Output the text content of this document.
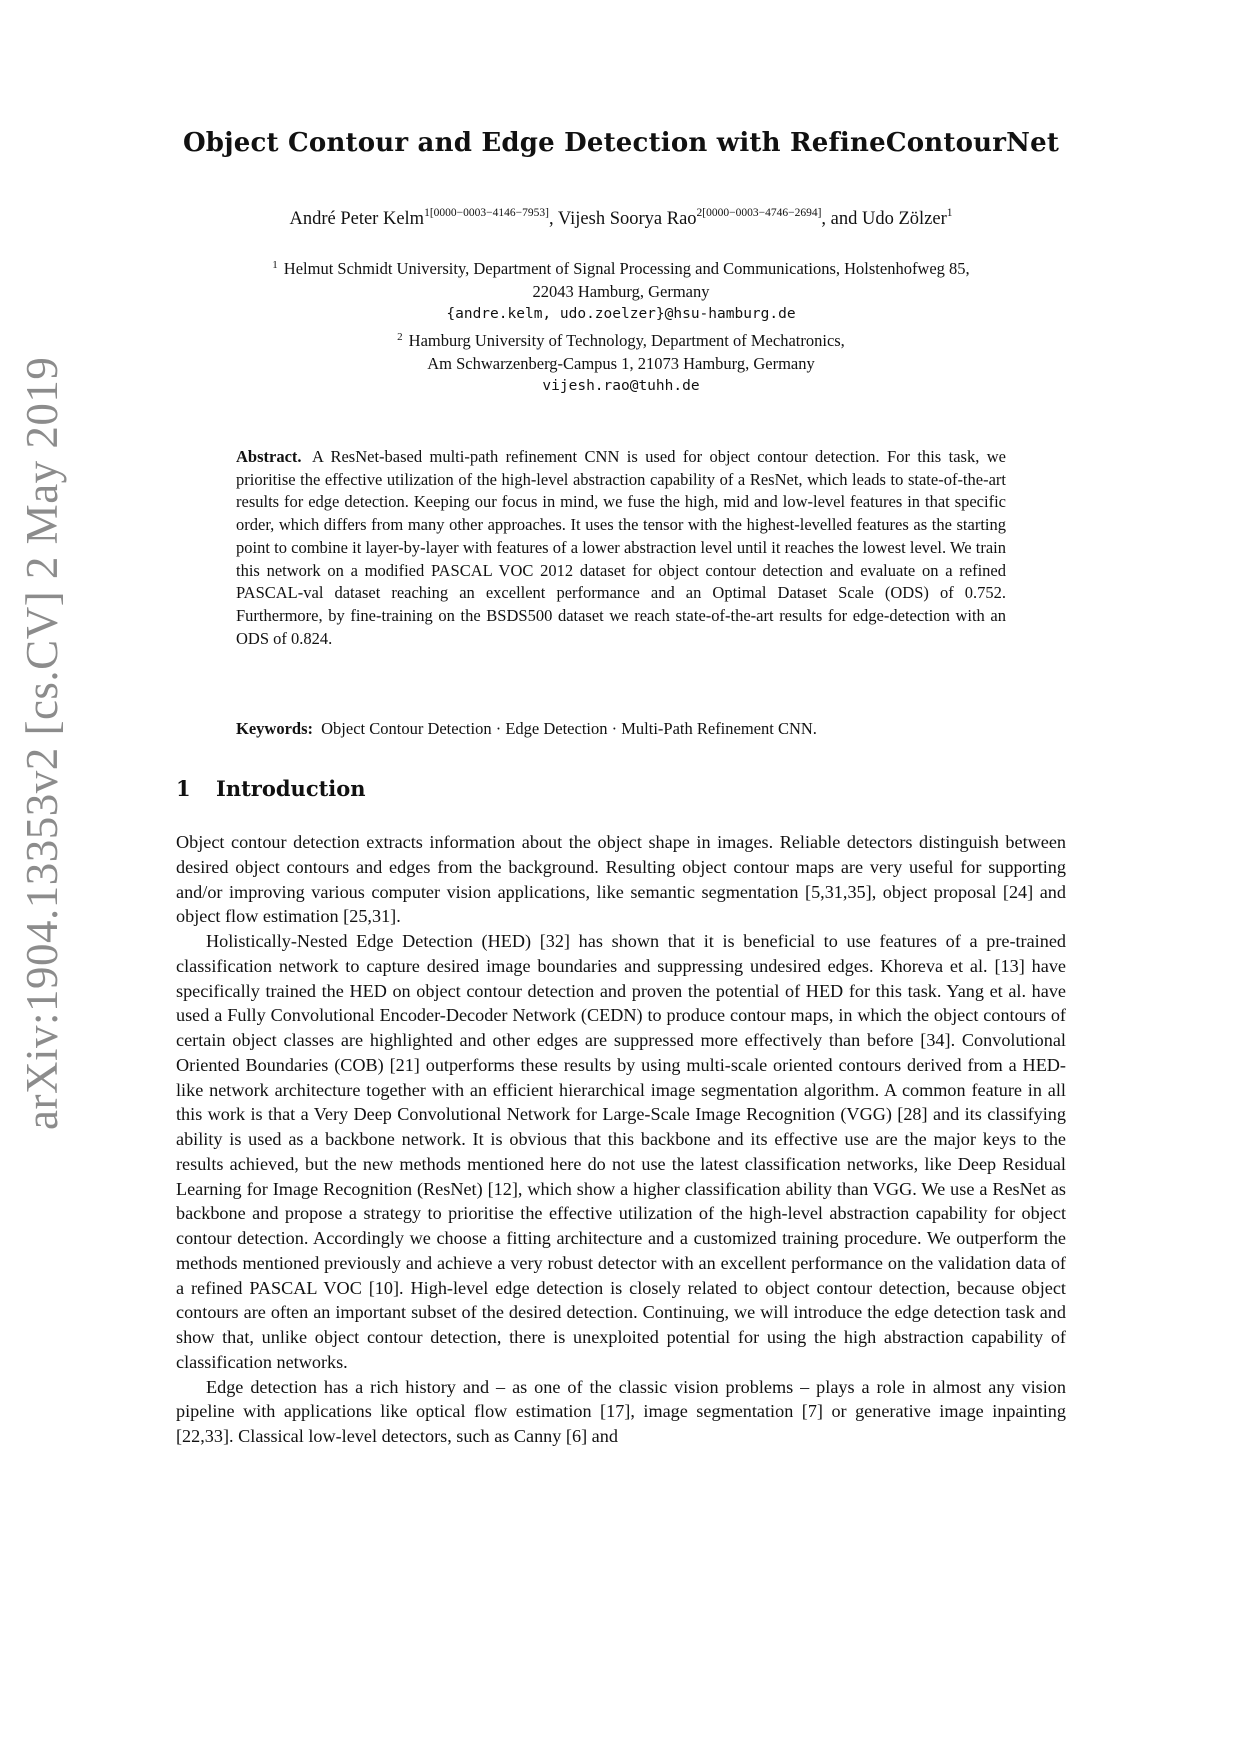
arXiv:1904.13353v2 [cs.CV] 2 May 2019
Object Contour and Edge Detection with RefineContourNet
André Peter Kelm$^{1[0000-0003-4146-7953]}$, Vijesh Soorya Rao$^{2[0000-0003-4746-2694]}$, and Udo Zölzer$^1$
$^1$ Helmut Schmidt University, Department of Signal Processing and Communications, Holstenhofweg 85,
22043 Hamburg, Germany
{andre.kelm, udo.zoelzer}@hsu-hamburg.de
$^2$ Hamburg University of Technology, Department of Mechatronics,
Am Schwarzenberg-Campus 1, 21073 Hamburg, Germany
vijesh.rao@tuhh.de

Abstract. A ResNet-based multi-path refinement CNN is used for object contour detection. For this task, we prioritise the effective utilization of the high-level abstraction capability of a ResNet, which leads to state-of-the-art results for edge detection. Keeping our focus in mind, we fuse the high, mid and low-level features in that specific order, which differs from many other approaches. It uses the tensor with the highest-levelled features as the starting point to combine it layer-by-layer with features of a lower abstraction level until it reaches the lowest level. We train this network on a modified PASCAL VOC 2012 dataset for object contour detection and evaluate on a refined PASCAL-val dataset reaching an excellent performance and an Optimal Dataset Scale (ODS) of 0.752. Furthermore, by fine-training on the BSDS500 dataset we reach state-of-the-art results for edge-detection with an ODS of 0.824.

Keywords: Object Contour Detection · Edge Detection · Multi-Path Refinement CNN.

1 Introduction

Object contour detection extracts information about the object shape in images. Reliable detectors distinguish between desired object contours and edges from the background. Resulting object contour maps are very useful for supporting and/or improving various computer vision applications, like semantic segmentation [5,31,35], object proposal [24] and object flow estimation [25,31].

Holistically-Nested Edge Detection (HED) [32] has shown that it is beneficial to use features of a pre-trained classification network to capture desired image boundaries and suppressing undesired edges. Khoreva et al. [13] have specifically trained the HED on object contour detection and proven the potential of HED for this task. Yang et al. have used a Fully Convolutional Encoder-Decoder Network (CEDN) to produce contour maps, in which the object contours of certain object classes are highlighted and other edges are suppressed more effectively than before [34]. Convolutional Oriented Boundaries (COB) [21] outperforms these results by using multi-scale oriented contours derived from a HED-like network architecture together with an efficient hierarchical image segmentation algorithm. A common feature in all this work is that a Very Deep Convolutional Network for Large-Scale Image Recognition (VGG) [28] and its classifying ability is used as a backbone network. It is obvious that this backbone and its effective use are the major keys to the results achieved, but the new methods mentioned here do not use the latest classification networks, like Deep Residual Learning for Image Recognition (ResNet) [12], which show a higher classification ability than VGG. We use a ResNet as backbone and propose a strategy to prioritise the effective utilization of the high-level abstraction capability for object contour detection. Accordingly we choose a fitting architecture and a customized training procedure. We outperform the methods mentioned previously and achieve a very robust detector with an excellent performance on the validation data of a refined PASCAL VOC [10]. High-level edge detection is closely related to object contour detection, because object contours are often an important subset of the desired detection. Continuing, we will introduce the edge detection task and show that, unlike object contour detection, there is unexploited potential for using the high abstraction capability of classification networks.

Edge detection has a rich history and – as one of the classic vision problems – plays a role in almost any vision pipeline with applications like optical flow estimation [17], image segmentation [7] or generative image inpainting [22,33]. Classical low-level detectors, such as Canny [6] and
